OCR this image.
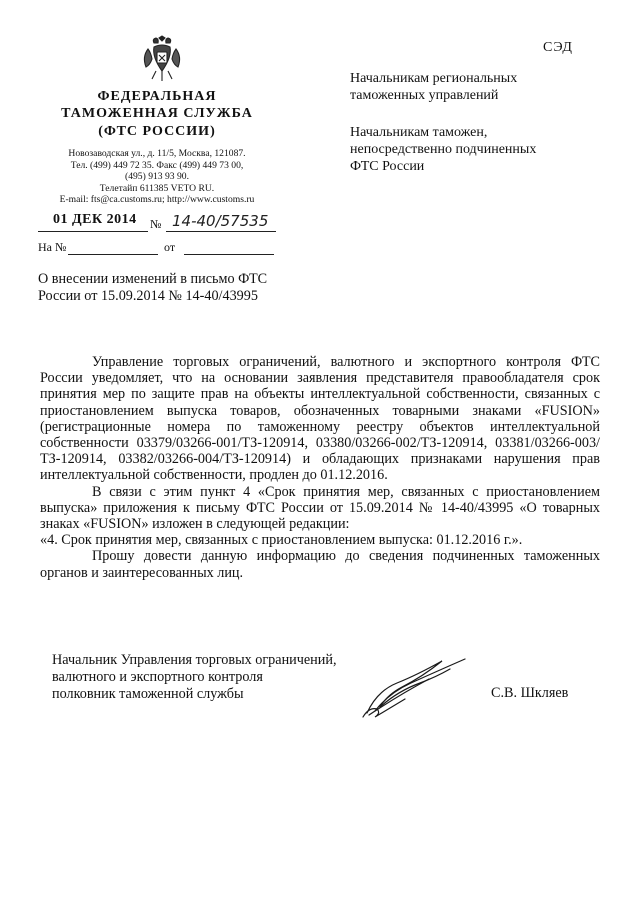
СЭД
ФЕДЕРАЛЬНАЯ
ТАМОЖЕННАЯ СЛУЖБА
(ФТС РОССИИ)
Новозаводская ул., д. 11/5, Москва, 121087.
Тел. (499) 449 72 35. Факс (499) 449 73 00,
(495) 913 93 90.
Телетайп 611385 VETO RU.
E-mail: fts@ca.customs.ru; http://www.customs.ru
01 ДЕК 2014 № 14-40/57535
На №	от
Начальникам региональных
таможенных управлений
Начальникам таможен,
непосредственно подчиненных
ФТС России
О внесении изменений в письмо ФТС
России от 15.09.2014 № 14-40/43995

Управление торговых ограничений, валютного и экспортного контроля ФТС России уведомляет, что на основании заявления представителя правообладателя срок принятия мер по защите прав на объекты интеллектуальной собственности, связанных с приостановлением выпуска товаров, обозначенных товарными знаками «FUSION» (регистрационные номера по таможенному реестру объектов интеллектуальной собственности 03379/03266-001/ТЗ-120914, 03380/03266-002/ТЗ-120914, 03381/03266-003/ТЗ-120914, 03382/03266-004/ТЗ-120914) и обладающих признаками нарушения прав интеллектуальной собственности, продлен до 01.12.2016.

В связи с этим пункт 4 «Срок принятия мер, связанных с приостановлением выпуска» приложения к письму ФТС России от 15.09.2014 № 14-40/43995 «О товарных знаках «FUSION» изложен в следующей редакции:

«4. Срок принятия мер, связанных с приостановлением выпуска: 01.12.2016 г.».

Прошу довести данную информацию до сведения подчиненных таможенных органов и заинтересованных лиц.

Начальник Управления торговых ограничений,
валютного и экспортного контроля
полковник таможенной службы	С.В. Шкляев
